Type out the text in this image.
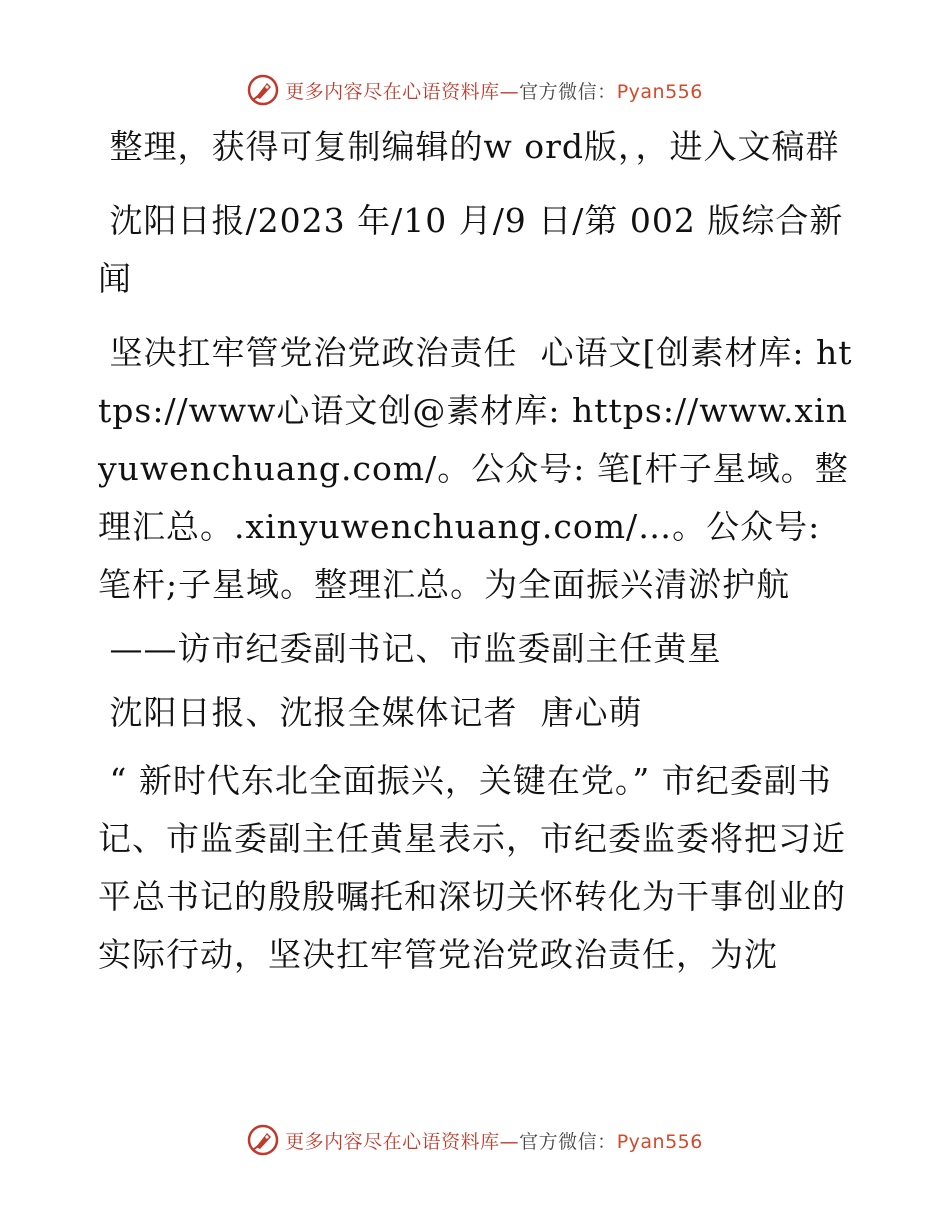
更多内容尽在心语资料库—官方微信：Pyan556

整理，获得可复制编辑的w ord版，，进入文稿群

沈阳日报/2023 年/10 月/9 日/第 002 版综合新闻

坚决扛牢管党治党政治责任  心语文[创素材库: https://www心语文创@素材库: https://www.xinyuwenchuang.com/。公众号: 笔[杆子星域。整理汇总。.xinyuwenchuang.com/…。公众号: 笔杆;子星域。整理汇总。为全面振兴清淤护航

——访市纪委副书记、市监委副主任黄星

沈阳日报、沈报全媒体记者  唐心萌

“ 新时代东北全面振兴，关键在党。” 市纪委副书记、市监委副主任黄星表示，市纪委监委将把习近平总书记的殷殷嘱托和深切关怀转化为干事创业的实际行动，坚决扛牢管党治党政治责任，为沈

更多内容尽在心语资料库—官方微信：Pyan556
